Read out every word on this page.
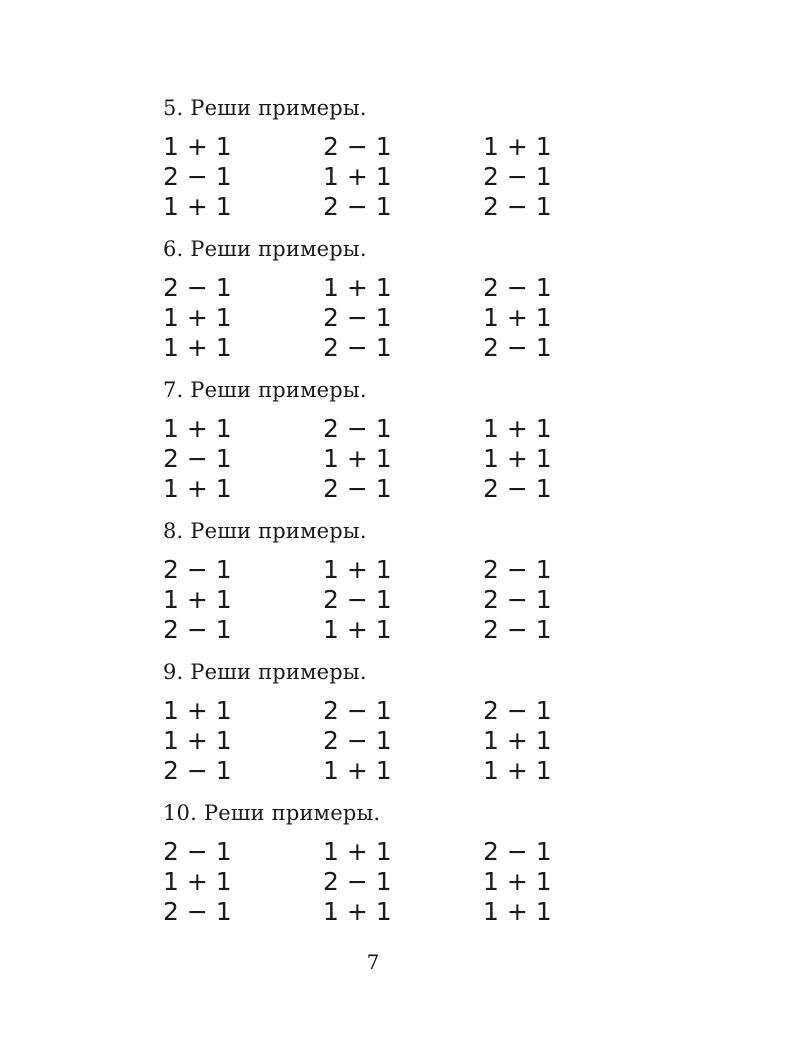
5. Реши примеры.
1 + 1	2 − 1	1 + 1
2 − 1	1 + 1	2 − 1
1 + 1	2 − 1	2 − 1
6. Реши примеры.
2 − 1	1 + 1	2 − 1
1 + 1	2 − 1	1 + 1
1 + 1	2 − 1	2 − 1
7. Реши примеры.
1 + 1	2 − 1	1 + 1
2 − 1	1 + 1	1 + 1
1 + 1	2 − 1	2 − 1
8. Реши примеры.
2 − 1	1 + 1	2 − 1
1 + 1	2 − 1	2 − 1
2 − 1	1 + 1	2 − 1
9. Реши примеры.
1 + 1	2 − 1	2 − 1
1 + 1	2 − 1	1 + 1
2 − 1	1 + 1	1 + 1
10. Реши примеры.
2 − 1	1 + 1	2 − 1
1 + 1	2 − 1	1 + 1
2 − 1	1 + 1	1 + 1
7
